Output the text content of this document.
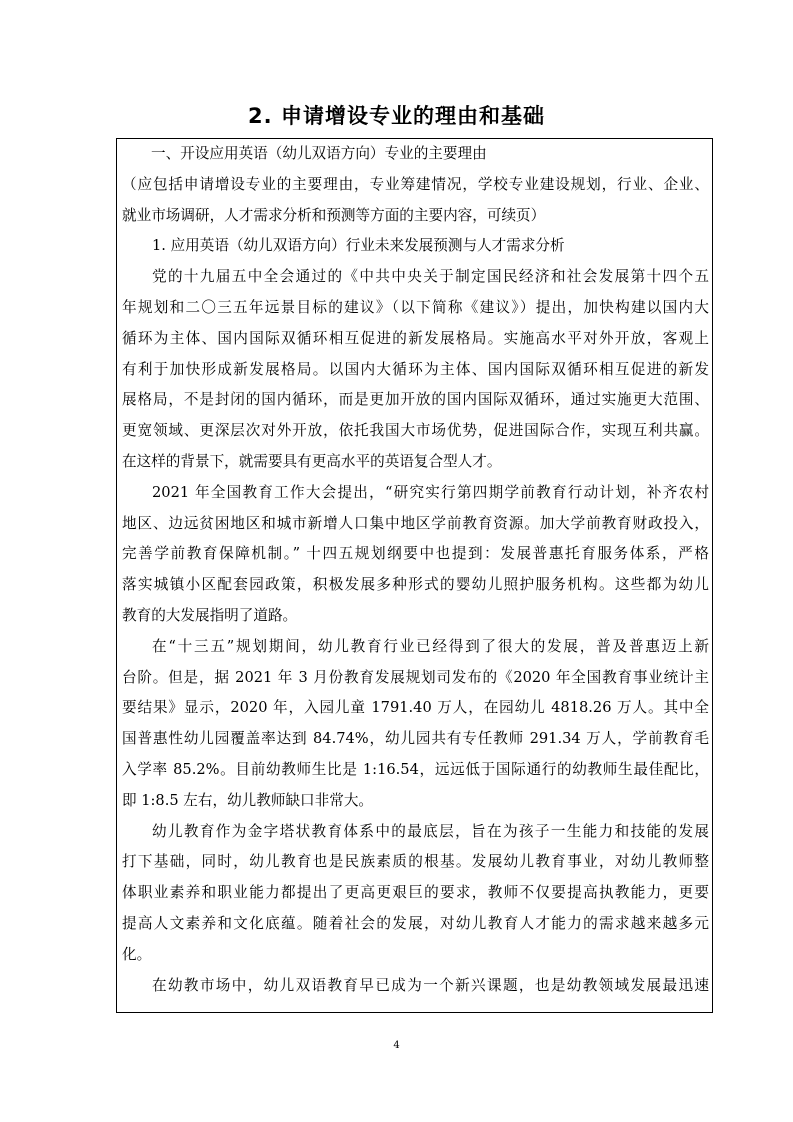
2. 申请增设专业的理由和基础
一、开设应用英语（幼儿双语方向）专业的主要理由
（应包括申请增设专业的主要理由，专业筹建情况，学校专业建设规划，行业、企业、
就业市场调研，人才需求分析和预测等方面的主要内容，可续页）
1. 应用英语（幼儿双语方向）行业未来发展预测与人才需求分析
党的十九届五中全会通过的《中共中央关于制定国民经济和社会发展第十四个五
年规划和二〇三五年远景目标的建议》（以下简称《建议》）提出，加快构建以国内大
循环为主体、国内国际双循环相互促进的新发展格局。实施高水平对外开放，客观上
有利于加快形成新发展格局。以国内大循环为主体、国内国际双循环相互促进的新发
展格局，不是封闭的国内循环，而是更加开放的国内国际双循环，通过实施更大范围、
更宽领域、更深层次对外开放，依托我国大市场优势，促进国际合作，实现互利共赢。
在这样的背景下，就需要具有更高水平的英语复合型人才。
2021 年全国教育工作大会提出，“研究实行第四期学前教育行动计划，补齐农村
地区、边远贫困地区和城市新增人口集中地区学前教育资源。加大学前教育财政投入，
完善学前教育保障机制。” 十四五规划纲要中也提到：发展普惠托育服务体系，严格
落实城镇小区配套园政策，积极发展多种形式的婴幼儿照护服务机构。这些都为幼儿
教育的大发展指明了道路。
在“十三五”规划期间，幼儿教育行业已经得到了很大的发展，普及普惠迈上新
台阶。但是，据 2021 年 3 月份教育发展规划司发布的《2020 年全国教育事业统计主
要结果》显示，2020 年，入园儿童 1791.40 万人，在园幼儿 4818.26 万人。其中全
国普惠性幼儿园覆盖率达到 84.74%，幼儿园共有专任教师 291.34 万人，学前教育毛
入学率 85.2%。目前幼教师生比是 1:16.54，远远低于国际通行的幼教师生最佳配比，
即 1:8.5 左右，幼儿教师缺口非常大。
幼儿教育作为金字塔状教育体系中的最底层，旨在为孩子一生能力和技能的发展
打下基础，同时，幼儿教育也是民族素质的根基。发展幼儿教育事业，对幼儿教师整
体职业素养和职业能力都提出了更高更艰巨的要求，教师不仅要提高执教能力，更要
提高人文素养和文化底蕴。随着社会的发展，对幼儿教育人才能力的需求越来越多元
化。
在幼教市场中，幼儿双语教育早已成为一个新兴课题，也是幼教领域发展最迅速
4
